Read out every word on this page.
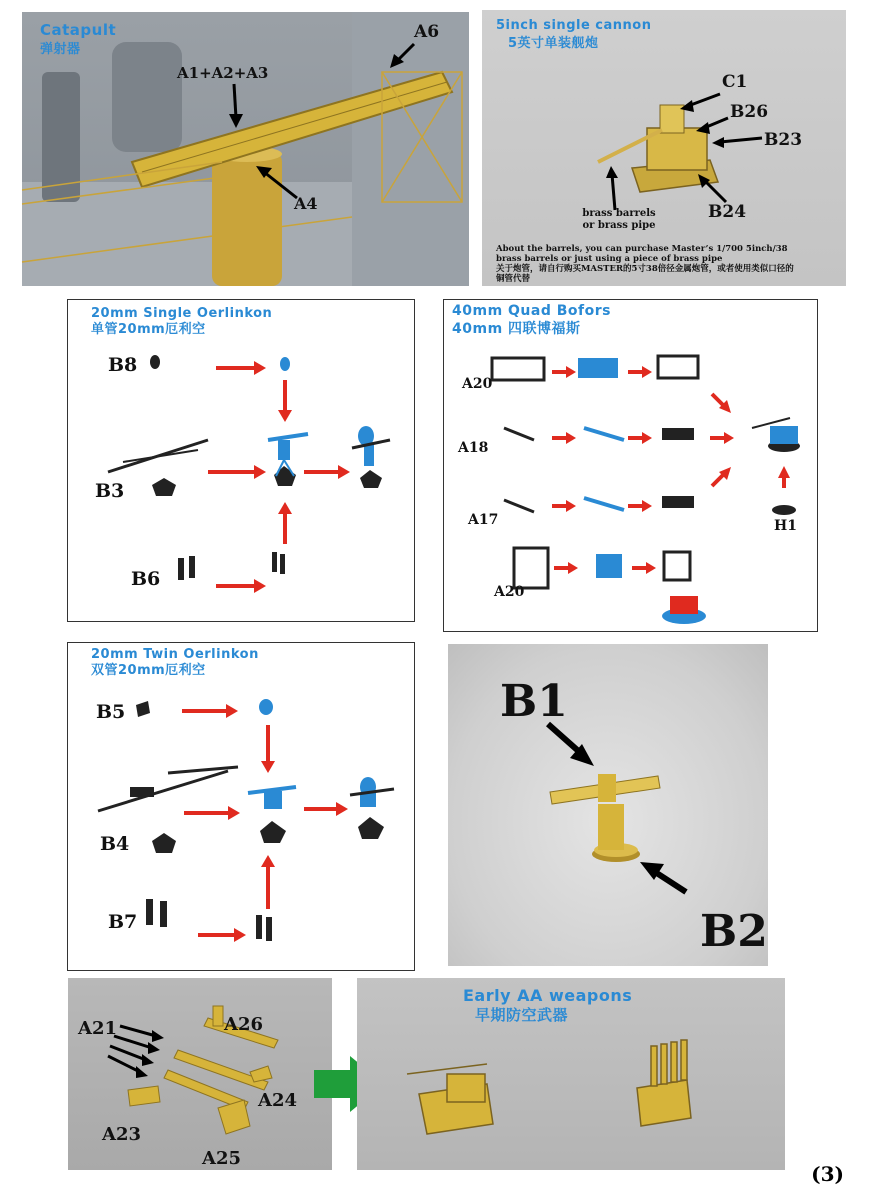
Catapult
弹射器
A6
A1+A2+A3
A4
5inch single cannon
5英寸单装舰炮
C1
B26
B23
B24
brass barrels
or brass pipe
About the barrels, you can purchase Master’s 1/700 5inch/38 brass barrels or just using a piece of brass pipe
关于炮管，请自行购买MASTER的5寸38倍径金属炮管，或者使用类似口径的铜管代替
20mm Single Oerlinkon
单管20mm厄利空
B8
B3
B6
40mm Quad Bofors
40mm 四联博福斯
A20
A18
A17
A20
H1
20mm Twin Oerlinkon
双管20mm厄利空
B5
B4
B7
B1
B2
A21	A26
A24
A23
A25
Early AA weapons
早期防空武器
(3)
